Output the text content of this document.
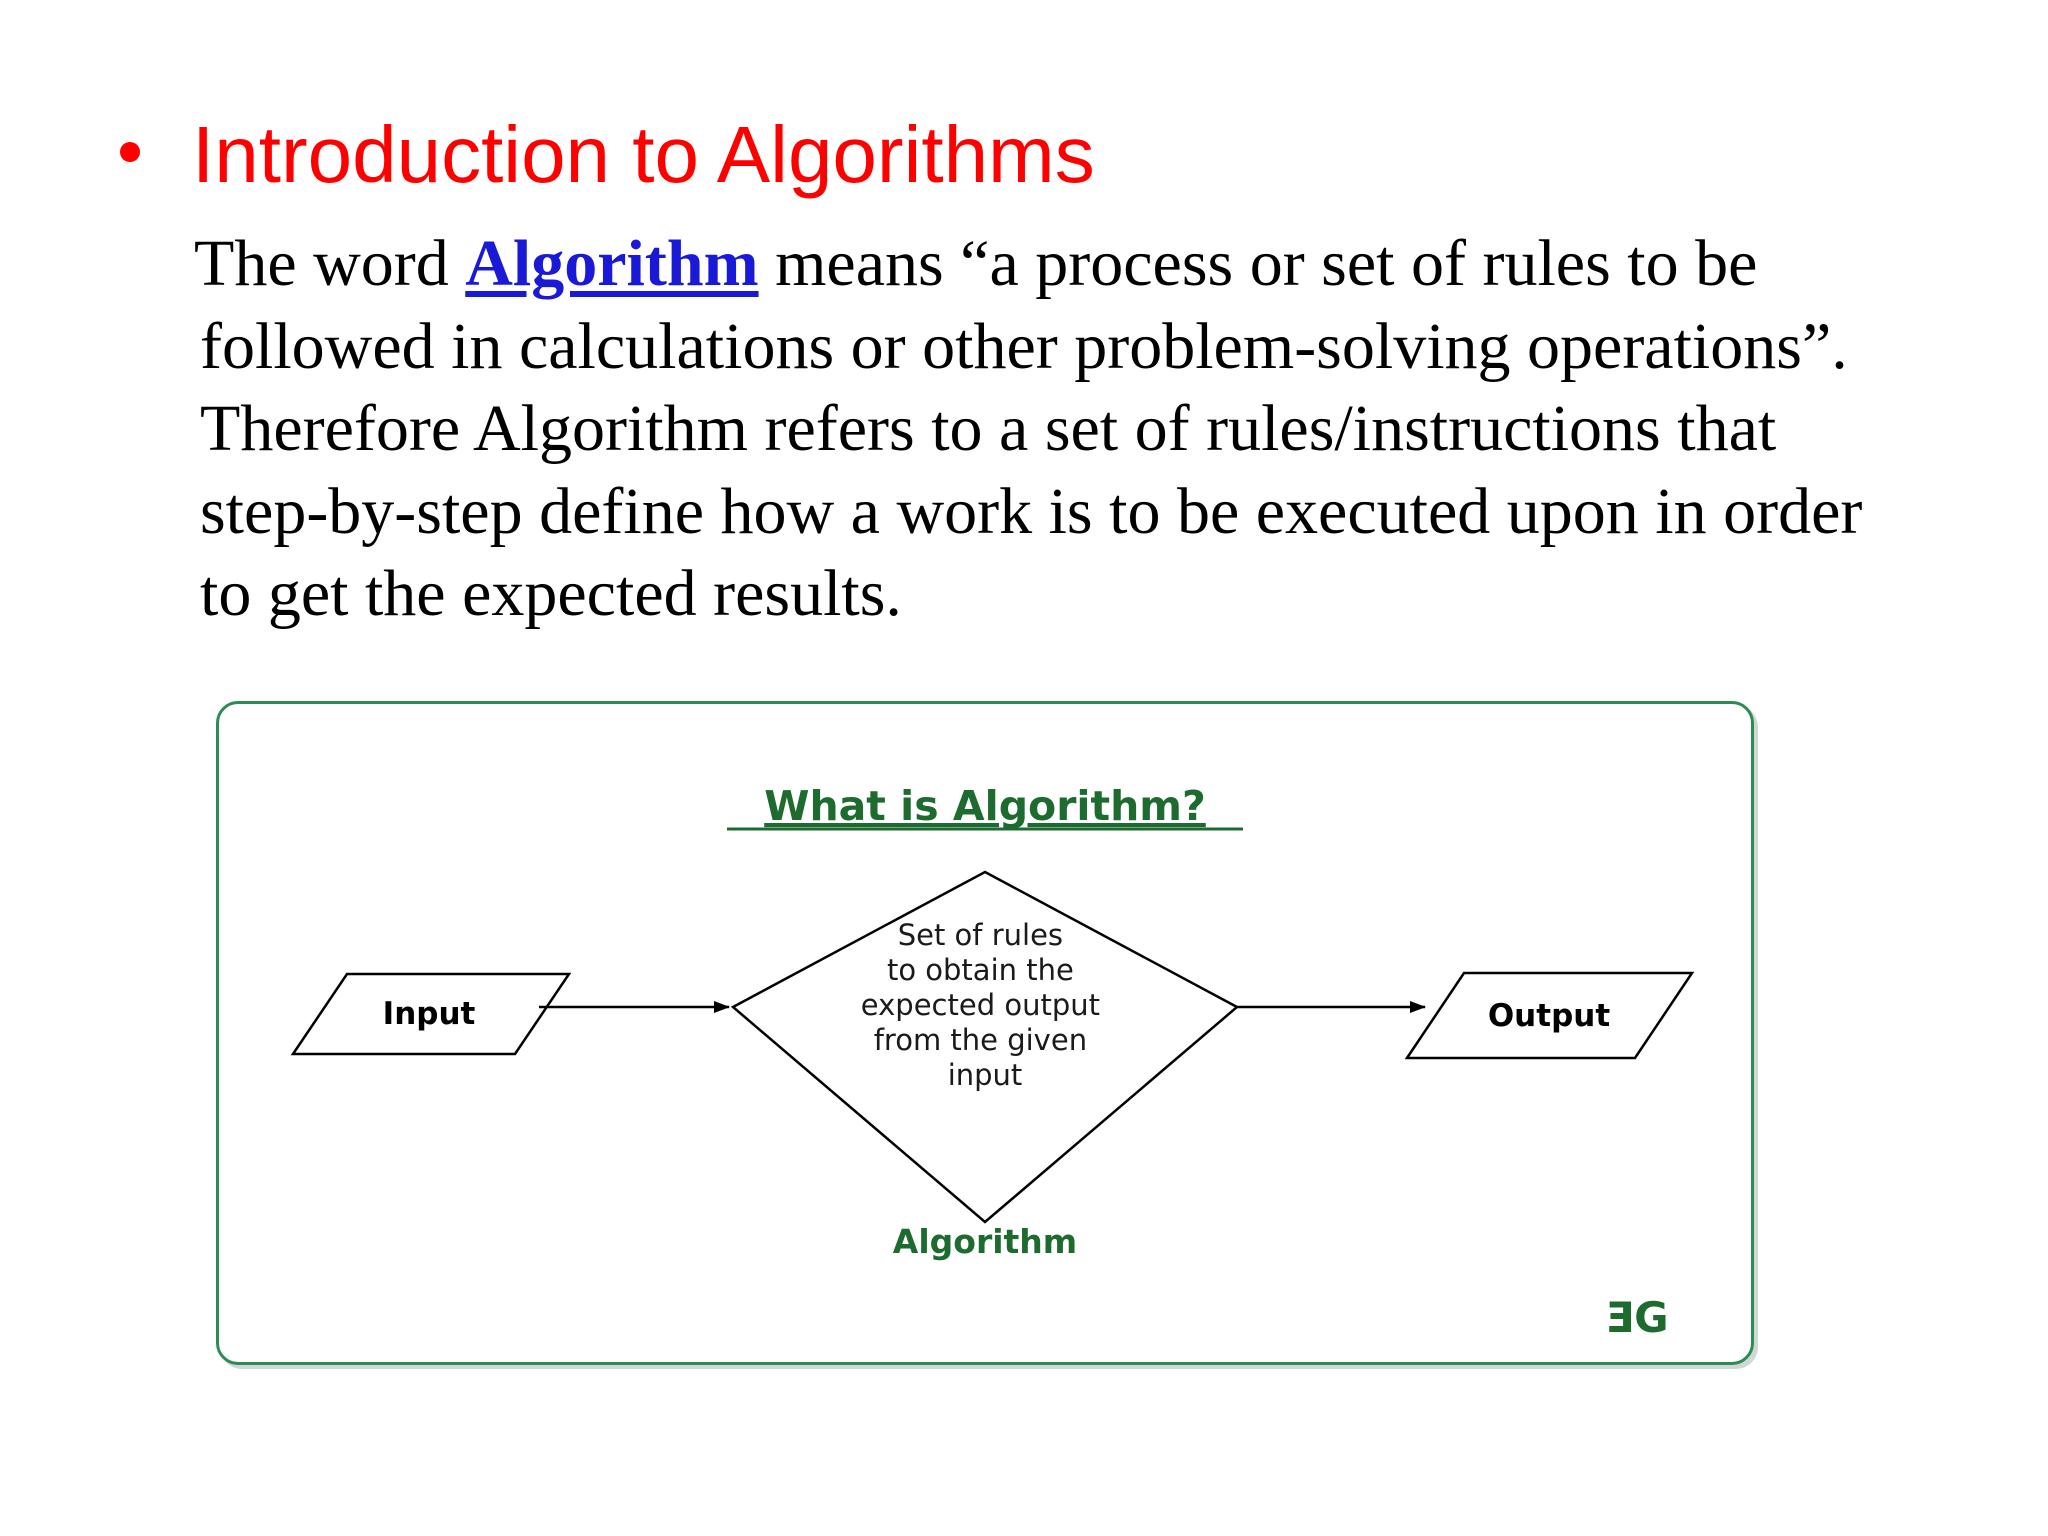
Introduction to Algorithms

The word Algorithm means “a process or set of rules to be
followed in calculations or other problem-solving operations”.
Therefore Algorithm refers to a set of rules/instructions that
step-by-step define how a work is to be executed upon in order
to get the expected results.

What is Algorithm?
Input
Set of rules to obtain the expected output from the given input
Algorithm
Output
ƎG
